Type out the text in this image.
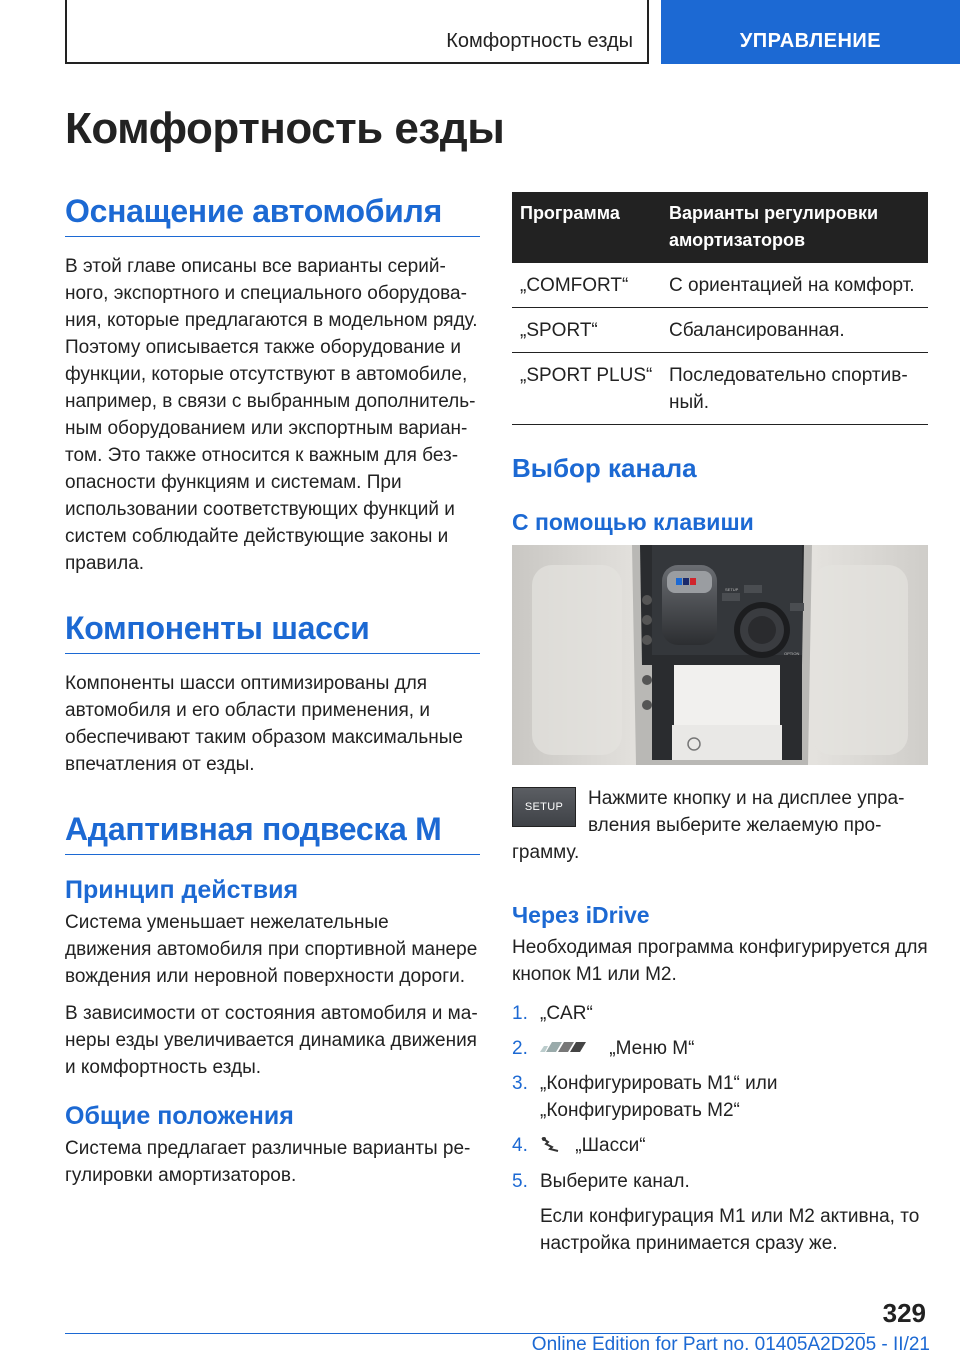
Комфортность езды	УПРАВЛЕНИЕ
Комфортность езды
Оснащение автомобиля

В этой главе описаны все варианты серийного, экспортного и специального оборудования, которые предлагаются в модельном ряду. Поэтому описывается также оборудование и функции, которые отсутствуют в автомобиле, например, в связи с выбранным дополнительным оборудованием или экспортным вариантом. Это также относится к важным для безопасности функциям и системам. При использовании соответствующих функций и систем соблюдайте действующие законы и правила.

Компоненты шасси

Компоненты шасси оптимизированы для автомобиля и его области применения, и обеспечивают таким образом максимальные впечатления от езды.

Адаптивная подвеска M
Принцип действия

Система уменьшает нежелательные движения автомобиля при спортивной манере вождения или неровной поверхности дороги.

В зависимости от состояния автомобиля и манеры езды увеличивается динамика движения и комфортность езды.

Общие положения

Система предлагает различные варианты регулировки амортизаторов.

Программа	Варианты регулировки амортизаторов
„COMFORT“	С ориентацией на комфорт.
„SPORT“	Сбалансированная.
„SPORT PLUS“	Последовательно спортивный.
Выбор канала
С помощью клавиши
SETUP
OPTION
SETUP	Нажмите кнопку и на дисплее управления выберите желаемую программу.

Через iDrive

Необходимая программа конфигурируется для кнопок M1 или M2.

1. „CAR“
2.	„Меню M“
3. „Конфигурировать M1“ или „Конфигурировать M2“
4. „Шасси“
5. Выберите канал.
Если конфигурация M1 или M2 активна, то настройка принимается сразу же.
329
Online Edition for Part no. 01405A2D205 - II/21
